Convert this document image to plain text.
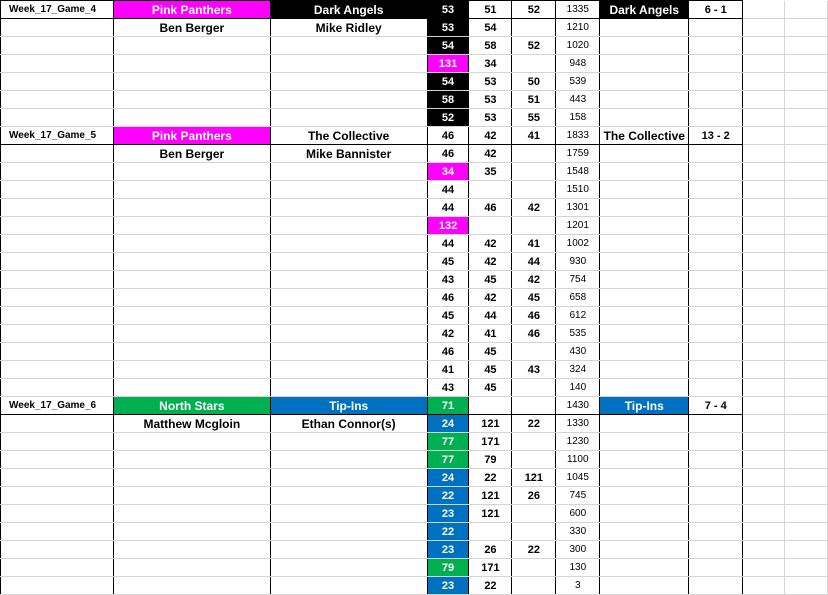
Week_17_Game_4	Pink Panthers	Dark Angels	53	51	52	1335	Dark Angels	6 - 1		
	Ben Berger	Mike Ridley	53	54		1210				
			54	58	52	1020				
			131	34		948				
			54	53	50	539				
			58	53	51	443				
			52	53	55	158				
Week_17_Game_5	Pink Panthers	The Collective	46	42	41	1833	The Collective	13 - 2		
	Ben Berger	Mike Bannister	46	42		1759				
			34	35		1548				
			44			1510				
			44	46	42	1301				
			132			1201				
			44	42	41	1002				
			45	42	44	930				
			43	45	42	754				
			46	42	45	658				
			45	44	46	612				
			42	41	46	535				
			46	45		430				
			41	45	43	324				
			43	45		140				
Week_17_Game_6	North Stars	Tip-Ins	71			1430	Tip-Ins	7 - 4		
	Matthew Mcgloin	Ethan Connor(s)	24	121	22	1330				
			77	171		1230				
			77	79		1100				
			24	22	121	1045				
			22	121	26	745				
			23	121		600				
			22			330				
			23	26	22	300				
			79	171		130				
			23	22		3				
